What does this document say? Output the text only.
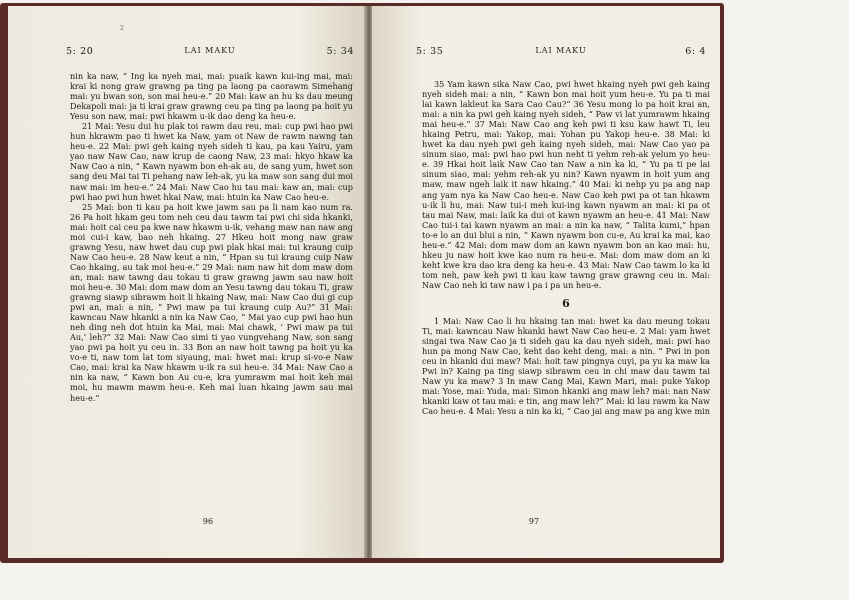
2
5: 20	LAI MAKU	5: 34

nin ka naw, “ Ing ka nyeh mai, mai: puaik kawn kui-ing mai, mai: krai ki nong graw grawng pa ting pa laong pa caorawm Simehang mai: yu bwan son, son mai heu-e.” 20 Mai: kaw an hu ks dau meung Dekapoli mai: ja ti krai graw grawng ceu pa ting pa laong pa hoit yu Yesu son naw, mai: pwi hkawm u-ik dao deng ka heu-e.

21 Mai: Yesu dui hu plak toi rawm dau reu, mai: cup pwi hao pwi hun hkrawm pao ti hwet ka Naw, yam ot Naw de rawm nawng tan heu-e. 22 Mai: pwi geh kaing nyeh sideh ti kau, pa kau Yairu, yam yao naw Naw Cao, naw krup de caong Naw, 23 mai: hkyo hkaw ka Naw Cao a nin, “ Kawn nyawm bon eh-ak au, de sang yum, hwet son sang deu Mai tai Ti pehang naw leh-ak, yu ka maw son sang dui moi naw mai: im heu-e.” 24 Mai: Naw Cao hu tau mai: kaw an, mai: cup pwi hao pwi hun hwet hkai Naw, mai: htuin ka Naw Cao heu-e.

25 Mai: bon ti kau pa hoit kwe jawm sau pa li nam kao num ra. 26 Pa hoit hkam geu tom neh ceu dau tawm tai pwi chi sida hkanki, mai: hoit cai ceu pa kwe naw hkawm u-ik, vehang maw nan naw ang moi cui-i kaw, bao neh hkaing. 27 Hkeu hoit mong naw graw grawng Yesu, naw hwet dau cup pwi plak hkai mai: tui kraung cuip Naw Cao heu-e. 28 Naw keut a nin, “ Hpan su tui kraung cuip Naw Cao hkaing, au tak moi heu-e.” 29 Mai: nam naw hit dom maw dom an, mai: naw tawng dau tokau ti graw grawng jawm sau naw hoit moi heu-e. 30 Mai: dom maw dom an Yesu tawng dau tokau Ti, graw grawng siawp sibrawm hoit li hkaing Naw, mai: Naw Cao dui gi cup pwi an, mai: a nin, “ Pwi maw pa tui kraung cuip Au?” 31 Mai: kawncau Naw hkanki a nin ka Naw Cao, “ Mai yao cup pwi hao hun neh ding neh dot htuin ka Mai, mai: Mai chawk, ‘ Pwi maw pa tui Au,’ leh?” 32 Mai: Naw Cao simi ti yao vungvehang Naw, son sang yao pwi pa hoit yu ceu in. 33 Bon an naw hoit tawng pa hoit yu ka vo-e ti, naw tom lat tom siyaung, mai: hwet mai: krup si-vo-e Naw Cao, mai: krai ka Naw hkawm u-ik ra sui heu-e. 34 Mai: Naw Cao a nin ka naw, “ Kawn bon Au cu-e, kra yumrawm mai hoit keh mai moi, hu mawm mawm heu-e. Keh mai luan hkaing jawm sau mai heu-e.”

96
5: 35	LAI MAKU	6: 4

35 Yam kawn sika Naw Cao, pwi hwet hkaing nyeh pwi geh kaing nyeh sideh mai: a nin, “ Kawn bon mai hoit yum heu-e. Yu pa ti mai lai kawn lakleut ka Sara Cao Cau?” 36 Yesu mong lo pa hoit krai an, mai: a nin ka pwi geh kaing nyeh sideh, “ Paw vi lat yumrawm hkaing mai heu-e.” 37 Mai: Naw Cao ang keh pwi ti ksu kaw hawt Ti, leu hkaing Petru, mai: Yakop, mai: Yohan pu Yakop heu-e. 38 Mai: ki hwet ka dau nyeh pwi geh kaing nyeh sideh, mai: Naw Cao yao pa sinum siao, mai: pwi hao pwi hun neht ti yehm reh-ak yelum yo heu-e. 39 Hkai hoit laik Naw Cao tan Naw a nin ka ki, “ Yu pa ti pe lai sinum siao, mai: yehm reh-ak yu nin? Kawn nyawm in hoit yum ang maw, maw ngeh laik it naw hkaing.” 40 Mai: ki nehp yu pa ang nap ang yam nya ka Naw Cao heu-e. Naw Cao keh pwi pa ot tan hkawm u-ik li hu, mai: Naw tui-i meh kui-ing kawn nyawm an mai: ki pa ot tau mai Naw, mai: laik ka dui ot kawn nyawm an heu-e. 41 Mai: Naw Cao tui-i tai kawn nyawm an mai: a nin ka naw, “ Talita kumi,” hpan to-e lo an dui blui a nin, “ Kawn nyawm bon cu-e, Au krai ka mai, kao heu-e.” 42 Mai: dom maw dom an kawn nyawm bon an kao mai: hu, hkeu ju naw hoit kwe kao num ra heu-e. Mai: dom maw dom an ki keht kwe kra dao kra deng ka heu-e. 43 Mai: Naw Cao tawm lo ka ki tom neh, paw keh pwi ti kau kaw tawng graw grawng ceu in. Mai: Naw Cao neh ki taw naw i pa i pa un heu-e.

6

1 Mai: Naw Cao li hu hkaing tan mai: hwet ka dau meung tokau Ti, mai: kawncau Naw hkanki hawt Naw Cao heu-e. 2 Mai: yam hwet singai twa Naw Cao ja ti sideh gau ka dau nyeh sideh, mai: pwi hao hun pa mong Naw Cao, keht dao keht deng, mai: a nin. “ Pwi in pon ceu in hkanki dui maw? Mai: hoit taw pingnya cuyi, pa yu ka maw ka Pwi in? Kaing pa ting siawp sibrawm ceu in chi maw dau tawm tai Naw yu ka maw? 3 In maw Cang Mai, Kawn Mari, mai: puke Yakop mai: Yose, mai: Yuda, mai: Simon hkanki ang maw leh? mai: nan Naw hkanki kaw ot tau mai: e tin, ang maw leh?” Mai: ki lau rawm ka Naw Cao heu-e. 4 Mai: Yesu a nin ka ki, “ Cao jai ang maw pa ang kwe min

97
